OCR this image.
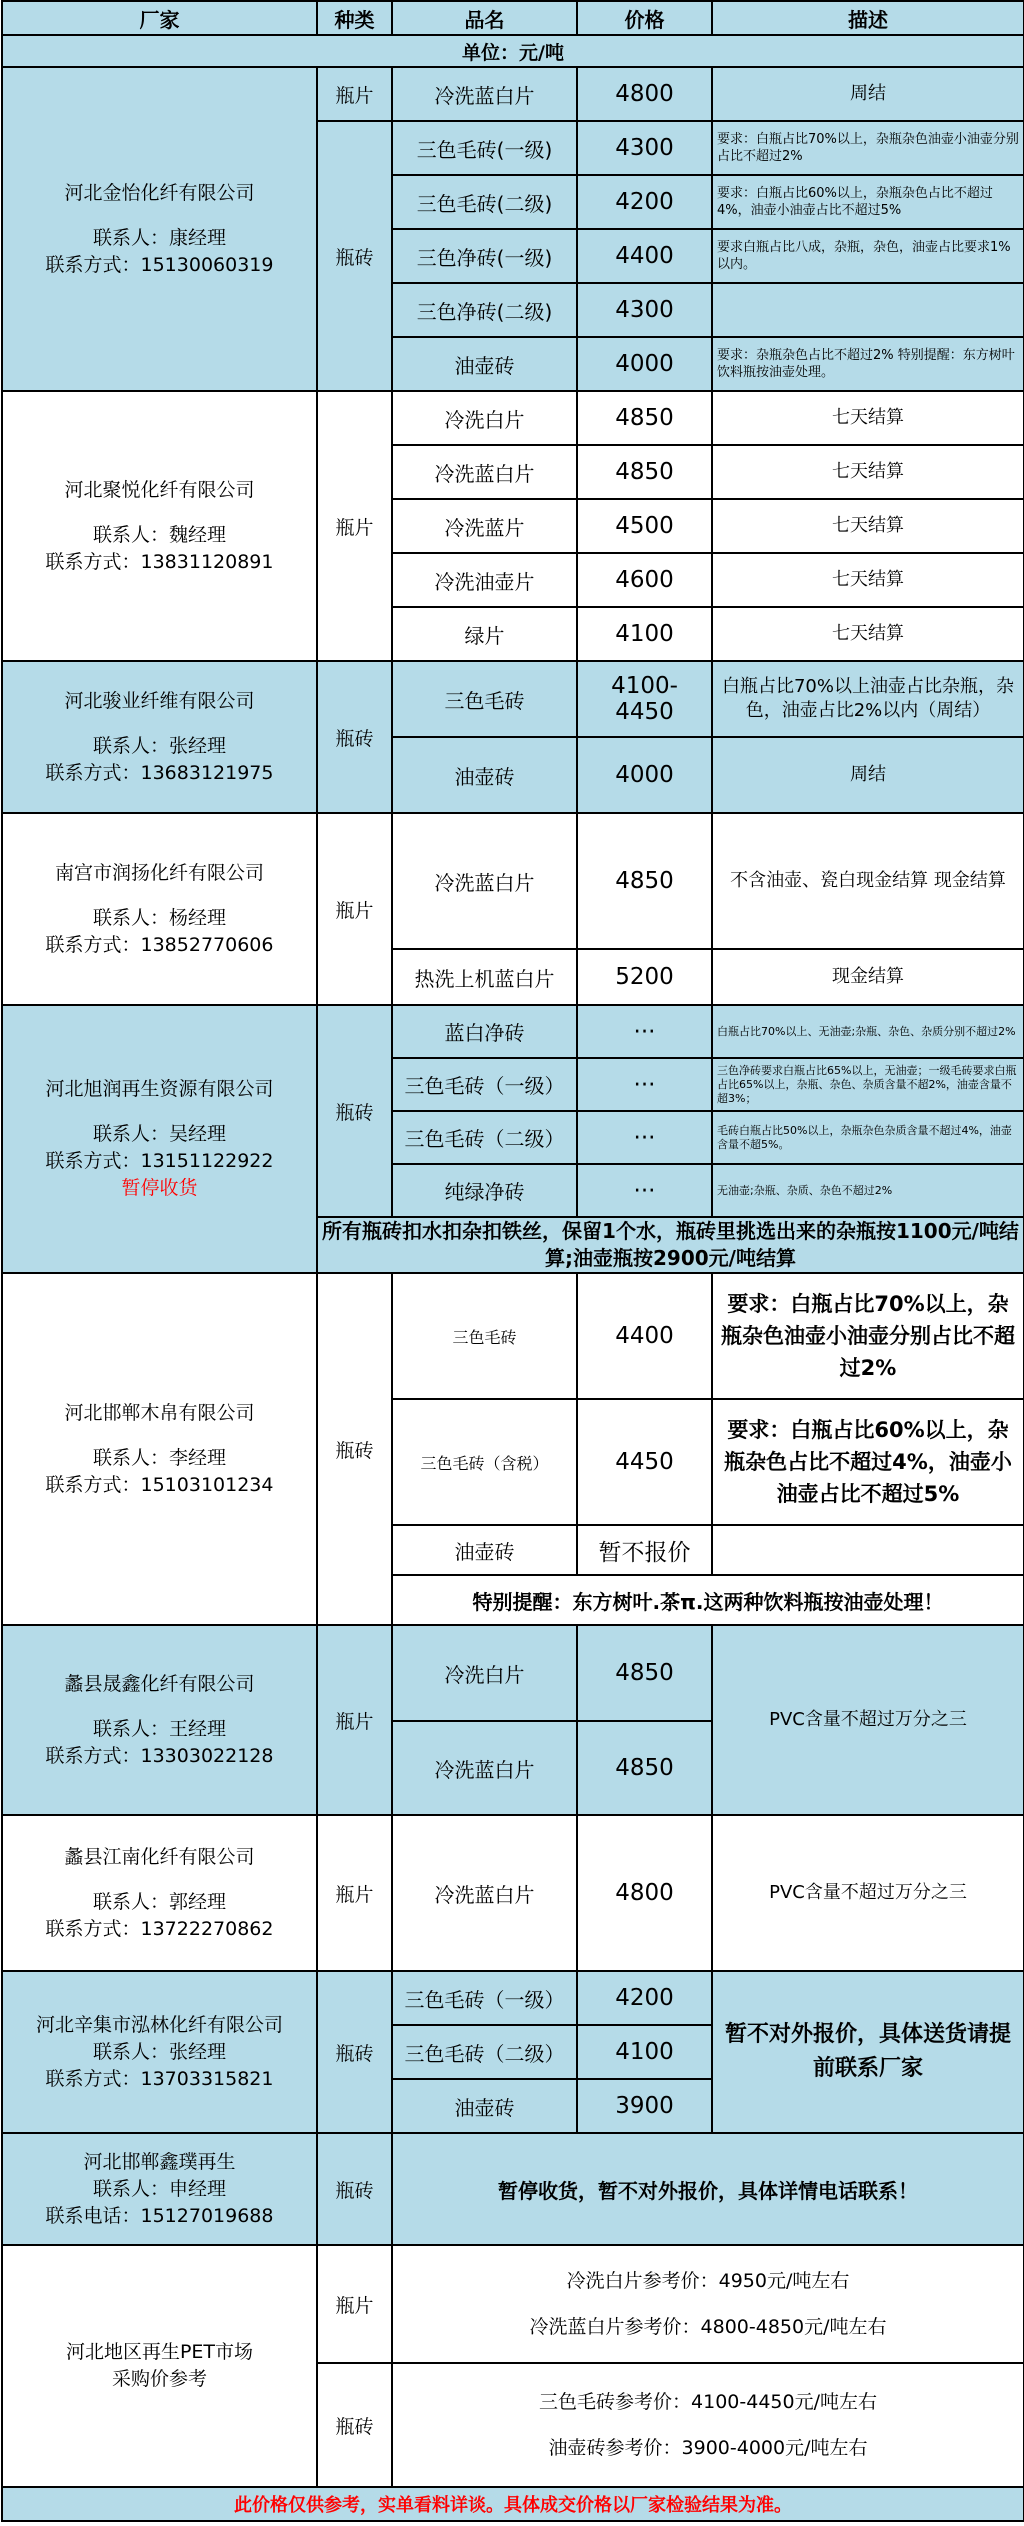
厂家	种类	品名	价格	描述
单位：元/吨				

河北金怡化纤有限公司
联系人：康经理
联系方式：15130060319	瓶片	冷洗蓝白片	4800	周结
	瓶砖	三色毛砖(一级)	4300	要求：白瓶占比70%以上，杂瓶杂色油壶小油壶分别占比不超过2%
		三色毛砖(二级)	4200	要求：白瓶占比60%以上，杂瓶杂色占比不超过4%，油壶小油壶占比不超过5%
		三色净砖(一级)	4400	要求白瓶占比八成，杂瓶，杂色，油壶占比要求1%以内。
		三色净砖(二级)	4300	
		油壶砖	4000	要求：杂瓶杂色占比不超过2% 特别提醒：东方树叶饮料瓶按油壶处理。

河北聚悦化纤有限公司
联系人：魏经理
联系方式：13831120891	瓶片	冷洗白片	4850	七天结算
		冷洗蓝白片	4850	七天结算
		冷洗蓝片	4500	七天结算
		冷洗油壶片	4600	七天结算
		绿片	4100	七天结算

河北骏业纤维有限公司
联系人：张经理
联系方式：13683121975	瓶砖	三色毛砖	4100-4450	白瓶占比70%以上油壶占比杂瓶，杂色，油壶占比2%以内（周结）
		油壶砖	4000	周结

南宫市润扬化纤有限公司
联系人：杨经理
联系方式：13852770606	瓶片	冷洗蓝白片	4850	不含油壶、瓷白现金结算 现金结算
		热洗上机蓝白片	5200	现金结算

河北旭润再生资源有限公司
联系人：吴经理
联系方式：13151122922
暂停收货	瓶砖	蓝白净砖	···	白瓶占比70%以上、无油壶;杂瓶、杂色、杂质分别不超过2%
		三色毛砖（一级）	···	三色净砖要求白瓶占比65%以上，无油壶；一级毛砖要求白瓶占比65%以上，杂瓶、杂色、杂质含量不超2%，油壶含量不超3%；
		三色毛砖（二级）	···	毛砖白瓶占比50%以上，杂瓶杂色杂质含量不超过4%，油壶含量不超5%。
		纯绿净砖	···	无油壶;杂瓶、杂质、杂色不超过2%
	所有瓶砖扣水扣杂扣铁丝，保留1个水，瓶砖里挑选出来的杂瓶按1100元/吨结算;油壶瓶按2900元/吨结算			

河北邯郸木帛有限公司
联系人：李经理
联系方式：15103101234	瓶砖	三色毛砖	4400	要求：白瓶占比70%以上，杂瓶杂色油壶小油壶分别占比不超过2%
		三色毛砖（含税）	4450	要求：白瓶占比60%以上，杂瓶杂色占比不超过4%，油壶小油壶占比不超过5%
		油壶砖	暂不报价	
		特别提醒：东方树叶.茶π.这两种饮料瓶按油壶处理！		

蠡县晟鑫化纤有限公司
联系人：王经理
联系方式：13303022128	瓶片	冷洗白片	4850	PVC含量不超过万分之三
		冷洗蓝白片	4850	

蠡县江南化纤有限公司
联系人：郭经理
联系方式：13722270862	瓶片	冷洗蓝白片	4800	PVC含量不超过万分之三

河北辛集市泓林化纤有限公司
联系人：张经理
联系方式：13703315821	瓶砖	三色毛砖（一级）	4200	暂不对外报价，具体送货请提前联系厂家
		三色毛砖（二级）	4100	
		油壶砖	3900	

河北邯郸鑫璞再生
联系人：申经理
联系电话：15127019688	瓶砖	暂停收货，暂不对外报价，具体详情电话联系！		

河北地区再生PET市场
采购价参考	瓶片	冷洗白片参考价：4950元/吨左右
冷洗蓝白片参考价：4800-4850元/吨左右		

	瓶砖	三色毛砖参考价：4100-4450元/吨左右
油壶砖参考价：3900-4000元/吨左右		

此价格仅供参考，实单看料详谈。具体成交价格以厂家检验结果为准。				
